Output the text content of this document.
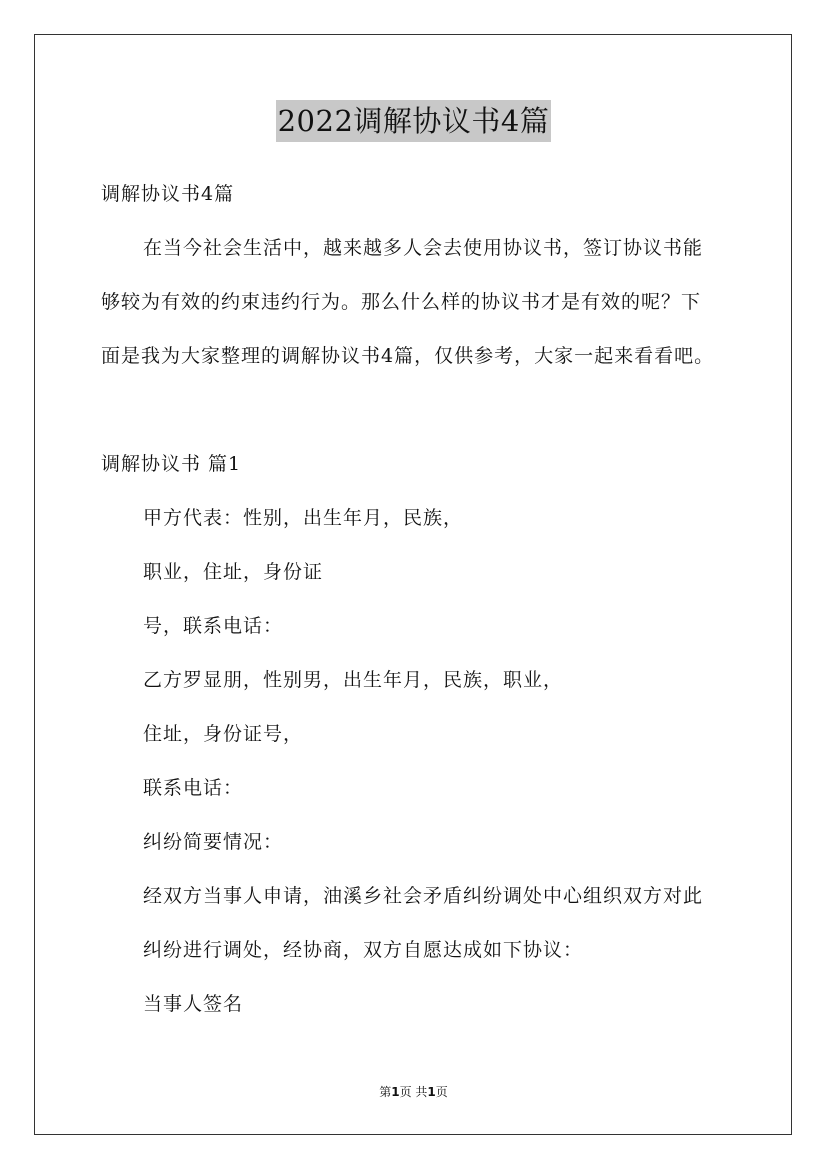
2022调解协议书4篇
调解协议书4篇
在当今社会生活中，越来越多人会去使用协议书，签订协议书能
够较为有效的约束违约行为。那么什么样的协议书才是有效的呢？下
面是我为大家整理的调解协议书4篇，仅供参考，大家一起来看看吧。
调解协议书 篇1
甲方代表：性别，出生年月，民族，
职业，住址，身份证
号，联系电话：
乙方罗显朋，性别男，出生年月，民族，职业，
住址，身份证号，
联系电话：
纠纷简要情况：
经双方当事人申请，油溪乡社会矛盾纠纷调处中心组织双方对此
纠纷进行调处，经协商，双方自愿达成如下协议：
当事人签名
第1页 共1页
